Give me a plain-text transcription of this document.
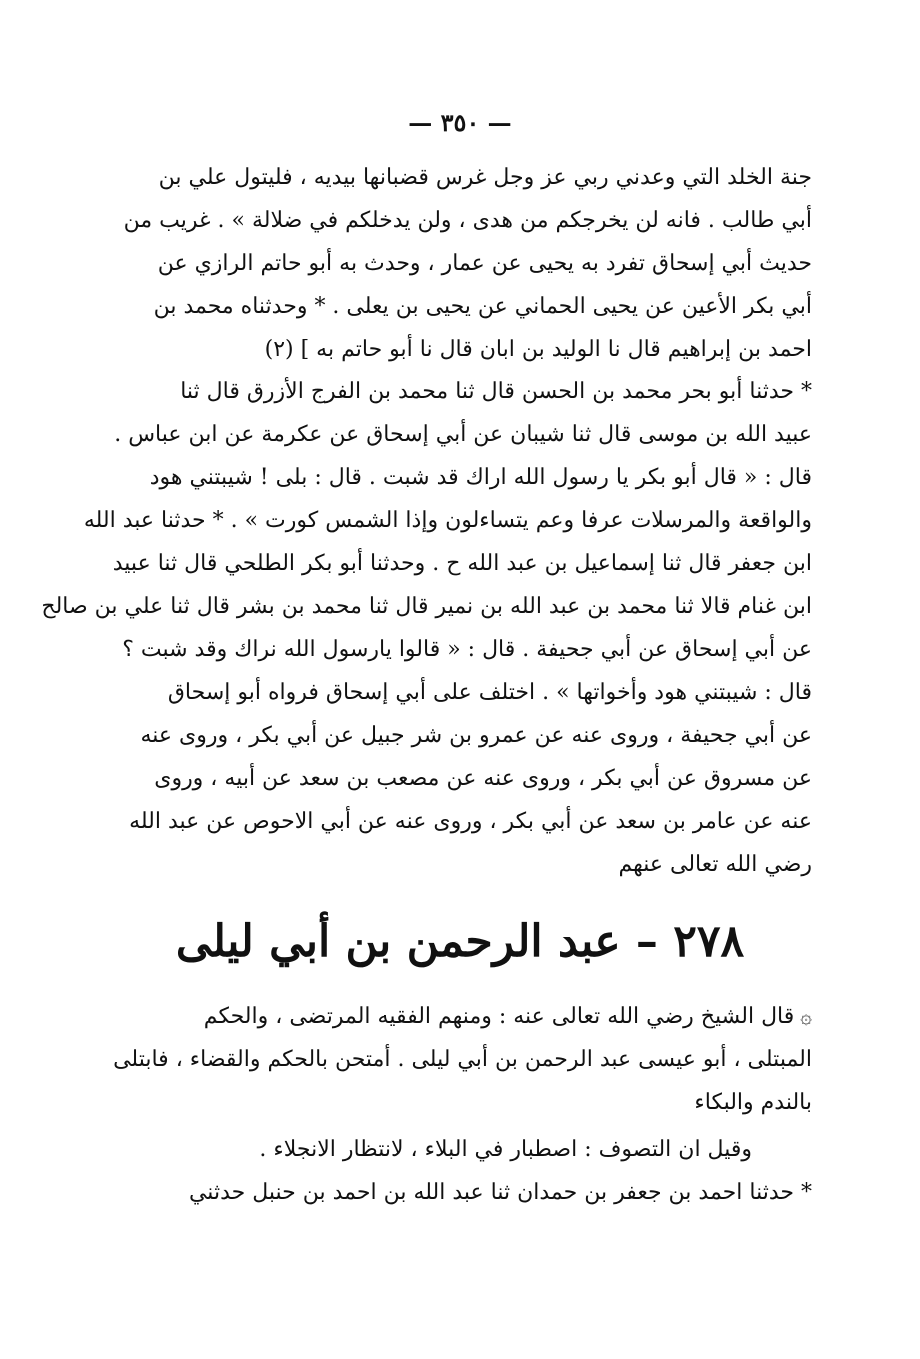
— ٣٥٠ —
جنة الخلد التي وعدني ربي عز وجل غرس قضبانها بيديه ، فليتول علي بن
أبي طالب . فانه لن يخرجكم من هدى ، ولن يدخلكم في ضلالة » . غريب من
حديث أبي إسحاق تفرد به يحيى عن عمار ، وحدث به أبو حاتم الرازي عن
أبي بكر الأعين عن يحيى الحماني عن يحيى بن يعلى . * وحدثناه محمد بن
احمد بن إبراهيم قال نا الوليد بن ابان قال نا أبو حاتم به ] (٢)
* حدثنا أبو بحر محمد بن الحسن قال ثنا محمد بن الفرج الأزرق قال ثنا
عبيد الله بن موسى قال ثنا شيبان عن أبي إسحاق عن عكرمة عن ابن عباس .
قال : « قال أبو بكر يا رسول الله اراك قد شبت . قال : بلى ! شيبتني هود
والواقعة والمرسلات عرفا وعم يتساءلون وإذا الشمس كورت » . * حدثنا عبد الله
ابن جعفر قال ثنا إسماعيل بن عبد الله ح . وحدثنا أبو بكر الطلحي قال ثنا عبيد
ابن غنام قالا ثنا محمد بن عبد الله بن نمير قال ثنا محمد بن بشر قال ثنا علي بن صالح
عن أبي إسحاق عن أبي جحيفة . قال : « قالوا يارسول الله نراك وقد شبت ؟
قال : شيبتني هود وأخواتها » . اختلف على أبي إسحاق فرواه أبو إسحاق
عن أبي جحيفة ، وروى عنه عن عمرو بن شر جبيل عن أبي بكر ، وروى عنه
عن مسروق عن أبي بكر ، وروى عنه عن مصعب بن سعد عن أبيه ، وروى
عنه عن عامر بن سعد عن أبي بكر ، وروى عنه عن أبي الاحوص عن عبد الله
رضي الله تعالى عنهم
٢٧٨ – عبد الرحمن بن أبي ليلى
۞قال الشيخ رضي الله تعالى عنه : ومنهم الفقيه المرتضى ، والحكم
المبتلى ، أبو عيسى عبد الرحمن بن أبي ليلى . أمتحن بالحكم والقضاء ، فابتلى
بالندم والبكاء
وقيل ان التصوف : اصطبار في البلاء ، لانتظار الانجلاء .
* حدثنا احمد بن جعفر بن حمدان ثنا عبد الله بن احمد بن حنبل حدثني
